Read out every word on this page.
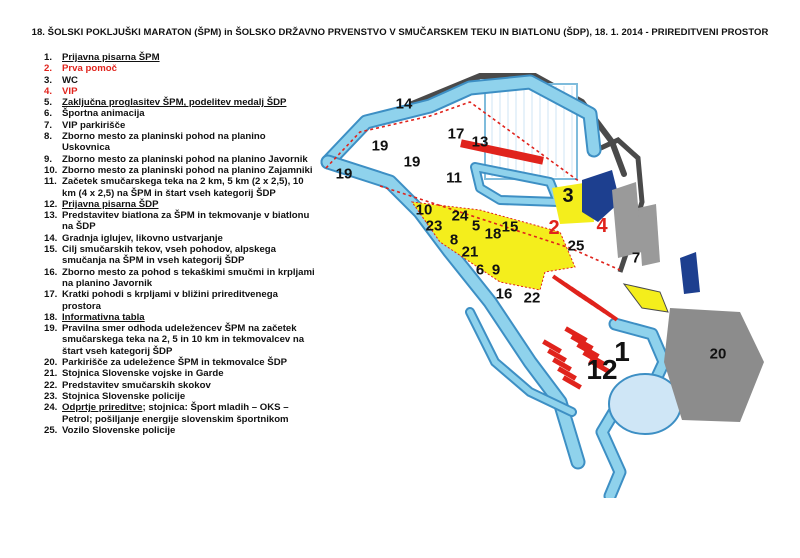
18. ŠOLSKI POKLJUŠKI MARATON (ŠPM) in ŠOLSKO DRŽAVNO PRVENSTVO V SMUČARSKEM TEKU IN BIATLONU (ŠDP), 18. 1. 2014 - PRIREDITVENI PROSTOR
1.	Prijavna pisarna ŠPM
2.	Prva pomoč
3.	WC
4.	VIP
5.	Zaključna proglasitev ŠPM, podelitev medalj ŠDP
6.	Športna animacija
7.	VIP parkirišče
8.	Zborno mesto za planinski pohod na planino Uskovnica
9.	Zborno mesto za planinski pohod na planino Javornik
10. Zborno mesto za planinski pohod na planino Zajamniki
11. Začetek smučarskega teka na 2 km, 5 km (2 x 2,5), 10 km (4 x 2,5) na ŠPM in štart vseh kategorij ŠDP
12. Prijavna pisarna ŠDP
13. Predstavitev biatlona za ŠPM in tekmovanje v biatlonu na ŠDP
14. Gradnja iglujev, likovno ustvarjanje
15. Cilj smučarskih tekov, vseh pohodov, alpskega smučanja na ŠPM in vseh kategorij ŠDP
16. Zborno mesto za pohod s tekaškimi smučmi in krpljami na planino Javornik
17. Kratki pohodi s krpljami v bližini prireditvenega prostora
18. Informativna tabla
19. Pravilna smer odhoda udeležencev ŠPM na začetek smučarskega teka na 2, 5 in 10 km in tekmovalcev na štart vseh kategorij ŠDP
20. Parkirišče za udeležence ŠPM in tekmovalce ŠDP
21. Stojnica Slovenske vojske in Garde
22. Predstavitev smučarskih skokov
23. Stojnica Slovenske policije
24. Odprtje prireditve; stojnica: Šport mladih – OKS – Petrol; pošiljanje energije slovenskim športnikom
25. Vozilo Slovenske policije
14
17 13
19
19
19	11
3
10 24
5 15
23	18 2 4
8	25
21	7
6 9
16 22
1
12	20
